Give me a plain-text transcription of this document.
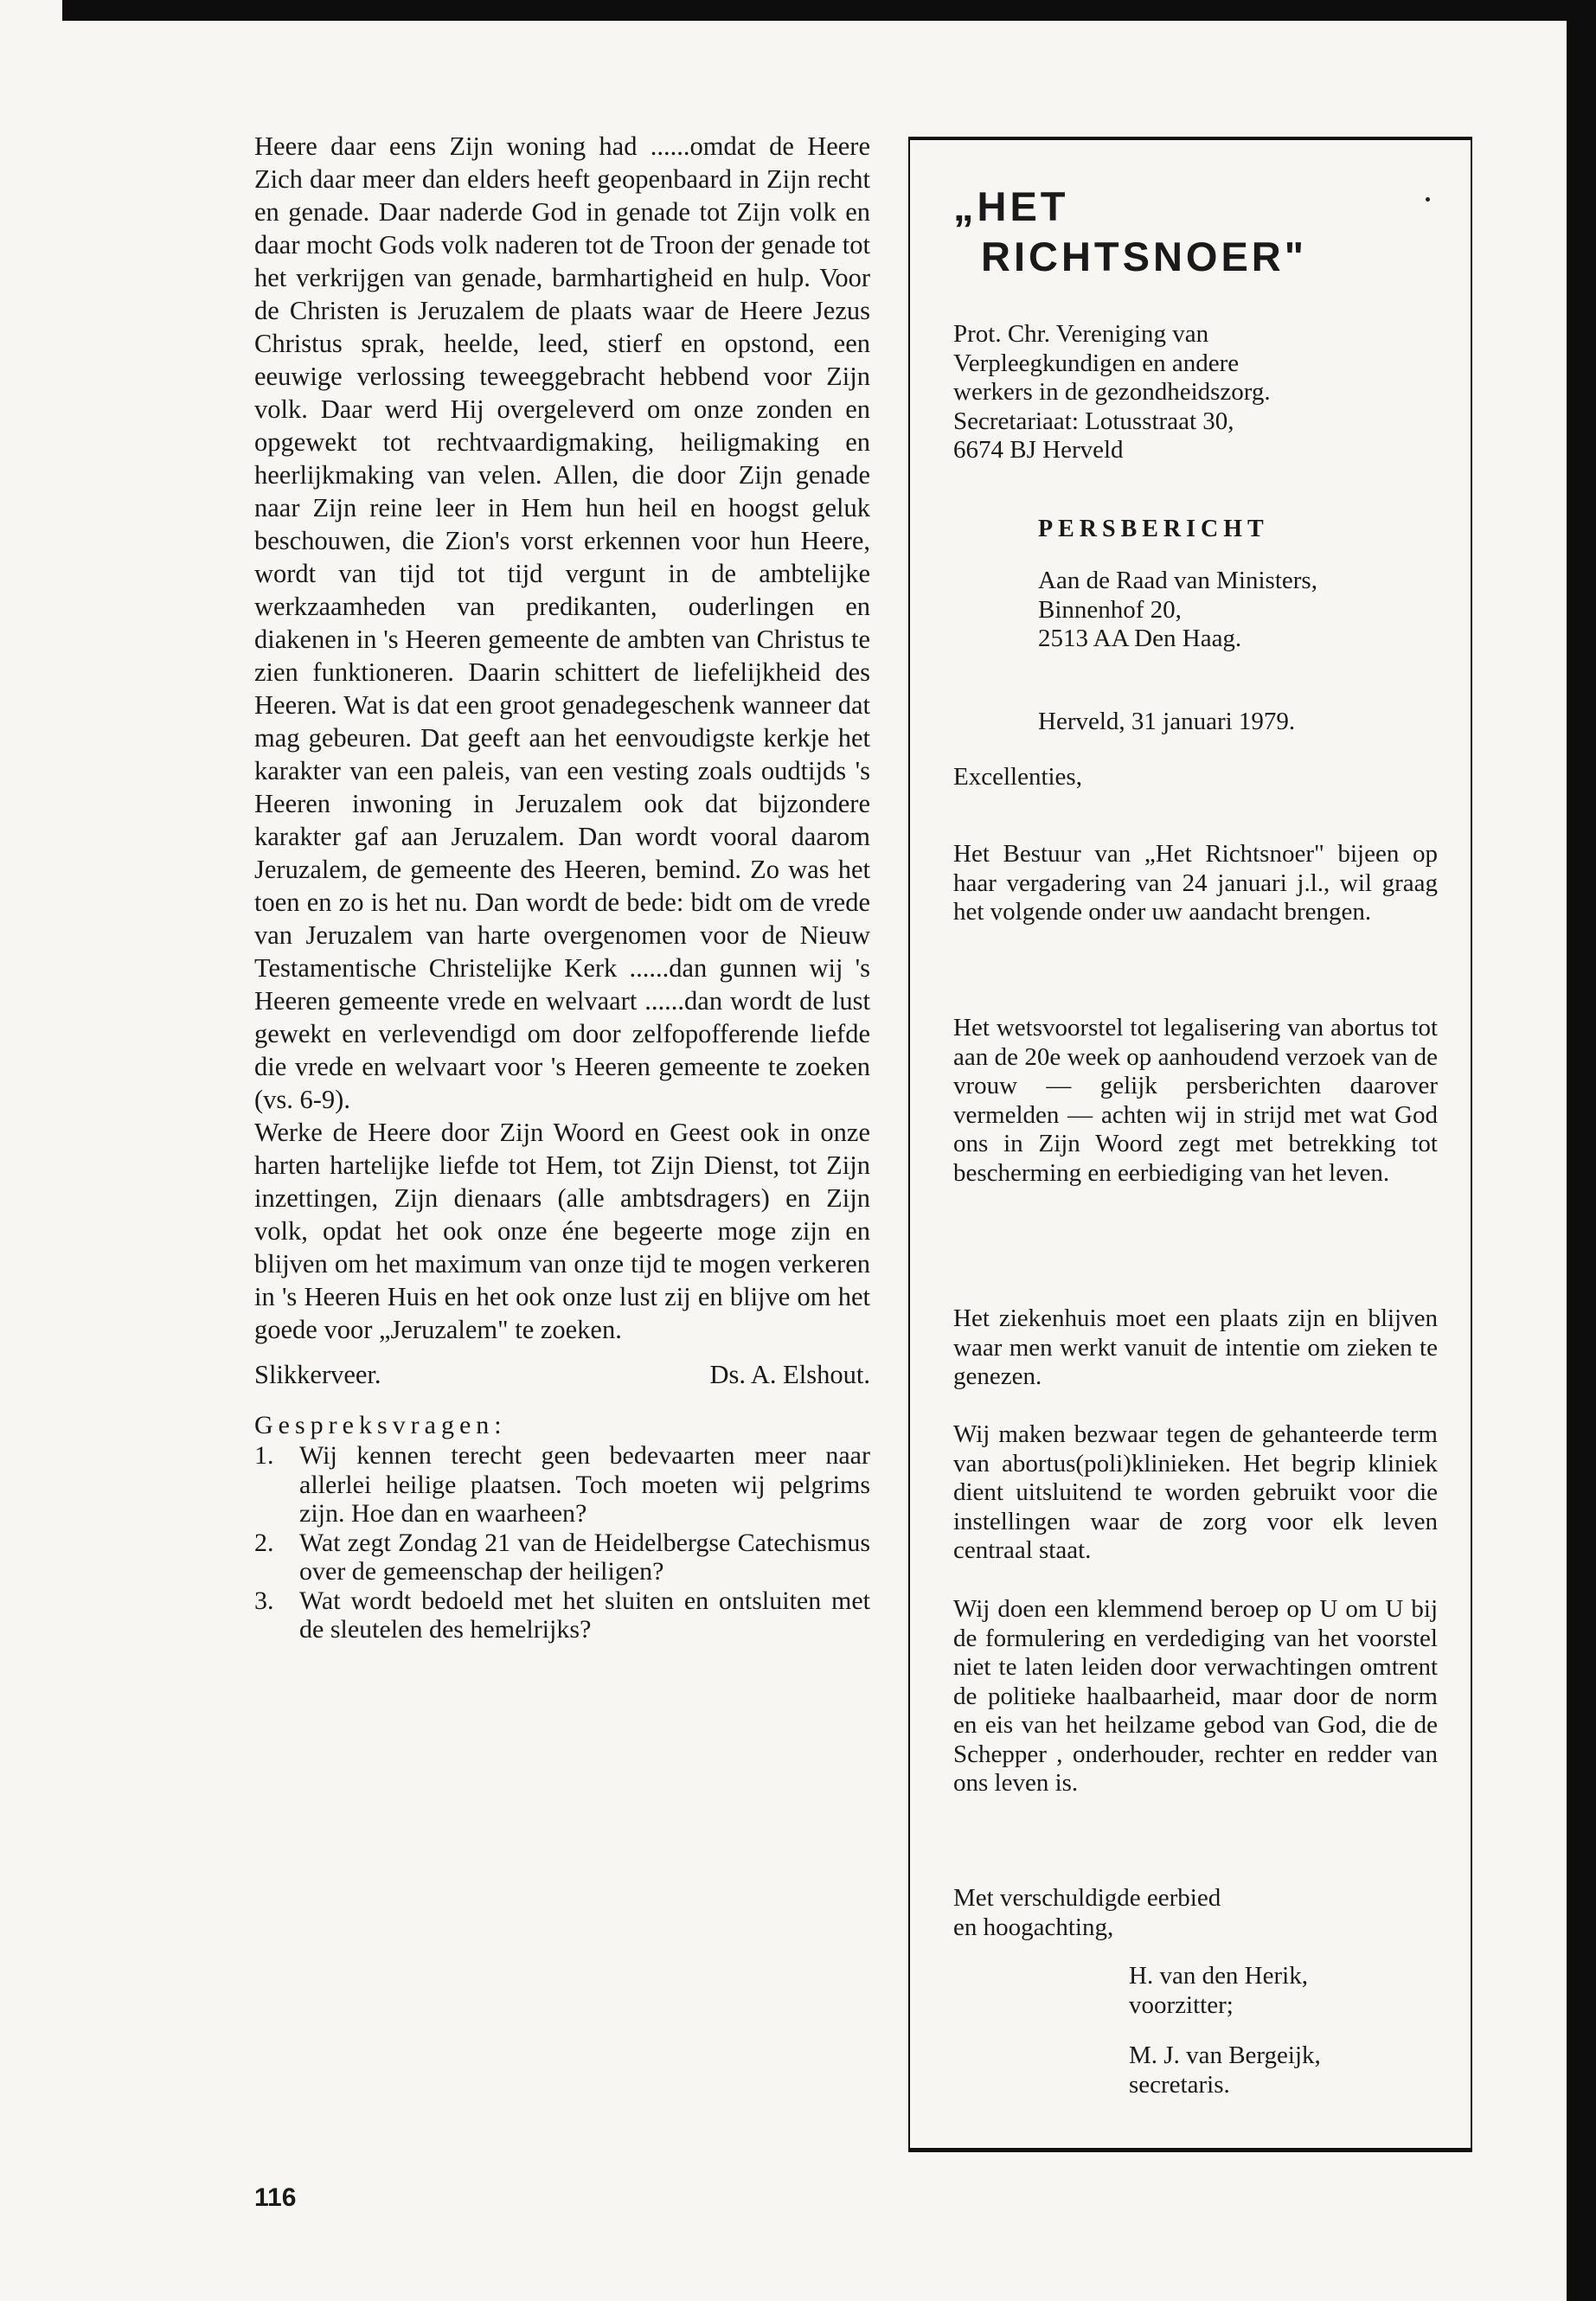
Heere daar eens Zijn woning had ......omdat de Heere Zich daar meer dan elders heeft geopenbaard in Zijn recht en genade. Daar naderde God in genade tot Zijn volk en daar mocht Gods volk naderen tot de Troon der genade tot het verkrijgen van genade, barmhartigheid en hulp. Voor de Christen is Jeruzalem de plaats waar de Heere Jezus Christus sprak, heelde, leed, stierf en opstond, een eeuwige verlossing teweeggebracht hebbend voor Zijn volk. Daar werd Hij overgeleverd om onze zonden en opgewekt tot rechtvaardigmaking, heiligmaking en heerlijkmaking van velen. Allen, die door Zijn genade naar Zijn reine leer in Hem hun heil en hoogst geluk beschouwen, die Zion's vorst erkennen voor hun Heere, wordt van tijd tot tijd vergunt in de ambtelijke werkzaamheden van predikanten, ouderlingen en diakenen in 's Heeren gemeente de ambten van Christus te zien funktioneren. Daarin schittert de liefelijkheid des Heeren. Wat is dat een groot genadegeschenk wanneer dat mag gebeuren. Dat geeft aan het eenvoudigste kerkje het karakter van een paleis, van een vesting zoals oudtijds 's Heeren inwoning in Jeruzalem ook dat bijzondere karakter gaf aan Jeruzalem. Dan wordt vooral daarom Jeruzalem, de gemeente des Heeren, bemind. Zo was het toen en zo is het nu. Dan wordt de bede: bidt om de vrede van Jeruzalem van harte overgenomen voor de Nieuw Testamentische Christelijke Kerk ......dan gunnen wij 's Heeren gemeente vrede en welvaart ......dan wordt de lust gewekt en verlevendigd om door zelfopofferende liefde die vrede en welvaart voor 's Heeren gemeente te zoeken (vs. 6-9).

Werke de Heere door Zijn Woord en Geest ook in onze harten hartelijke liefde tot Hem, tot Zijn Dienst, tot Zijn inzettingen, Zijn dienaars (alle ambtsdragers) en Zijn volk, opdat het ook onze éne begeerte moge zijn en blijven om het maximum van onze tijd te mogen verkeren in 's Heeren Huis en het ook onze lust zij en blijve om het goede voor „Jeruzalem" te zoeken.

Slikkerveer.	Ds. A. Elshout.
Gespreksvragen:
1. Wij kennen terecht geen bedevaarten meer naar allerlei heilige plaatsen. Toch moeten wij pelgrims zijn. Hoe dan en waarheen?
2. Wat zegt Zondag 21 van de Heidelbergse Catechismus over de gemeenschap der heiligen?
3. Wat wordt bedoeld met het sluiten en ontsluiten met de sleutelen des hemelrijks?
116
„HET
RICHTSNOER"
Prot. Chr. Vereniging van
Verpleegkundigen en andere
werkers in de gezondheidszorg.
Secretariaat: Lotusstraat 30,
6674 BJ Herveld
PERSBERICHT
Aan de Raad van Ministers,
Binnenhof 20,
2513 AA Den Haag.
Herveld, 31 januari 1979.
Excellenties,

Het Bestuur van „Het Richtsnoer" bijeen op haar vergadering van 24 januari j.l., wil graag het volgende onder uw aandacht brengen.

Het wetsvoorstel tot legalisering van abortus tot aan de 20e week op aanhoudend verzoek van de vrouw — gelijk persberichten daarover vermelden — achten wij in strijd met wat God ons in Zijn Woord zegt met betrekking tot bescherming en eerbiediging van het leven.

Het ziekenhuis moet een plaats zijn en blijven waar men werkt vanuit de intentie om zieken te genezen.

Wij maken bezwaar tegen de gehanteerde term van abortus(poli)klinieken. Het begrip kliniek dient uitsluitend te worden gebruikt voor die instellingen waar de zorg voor elk leven centraal staat.

Wij doen een klemmend beroep op U om U bij de formulering en verdediging van het voorstel niet te laten leiden door verwachtingen omtrent de politieke haalbaarheid, maar door de norm en eis van het heilzame gebod van God, die de Schepper , onderhouder, rechter en redder van ons leven is.

Met verschuldigde eerbied
en hoogachting,
H. van den Herik,
voorzitter;
M. J. van Bergeijk,
secretaris.
